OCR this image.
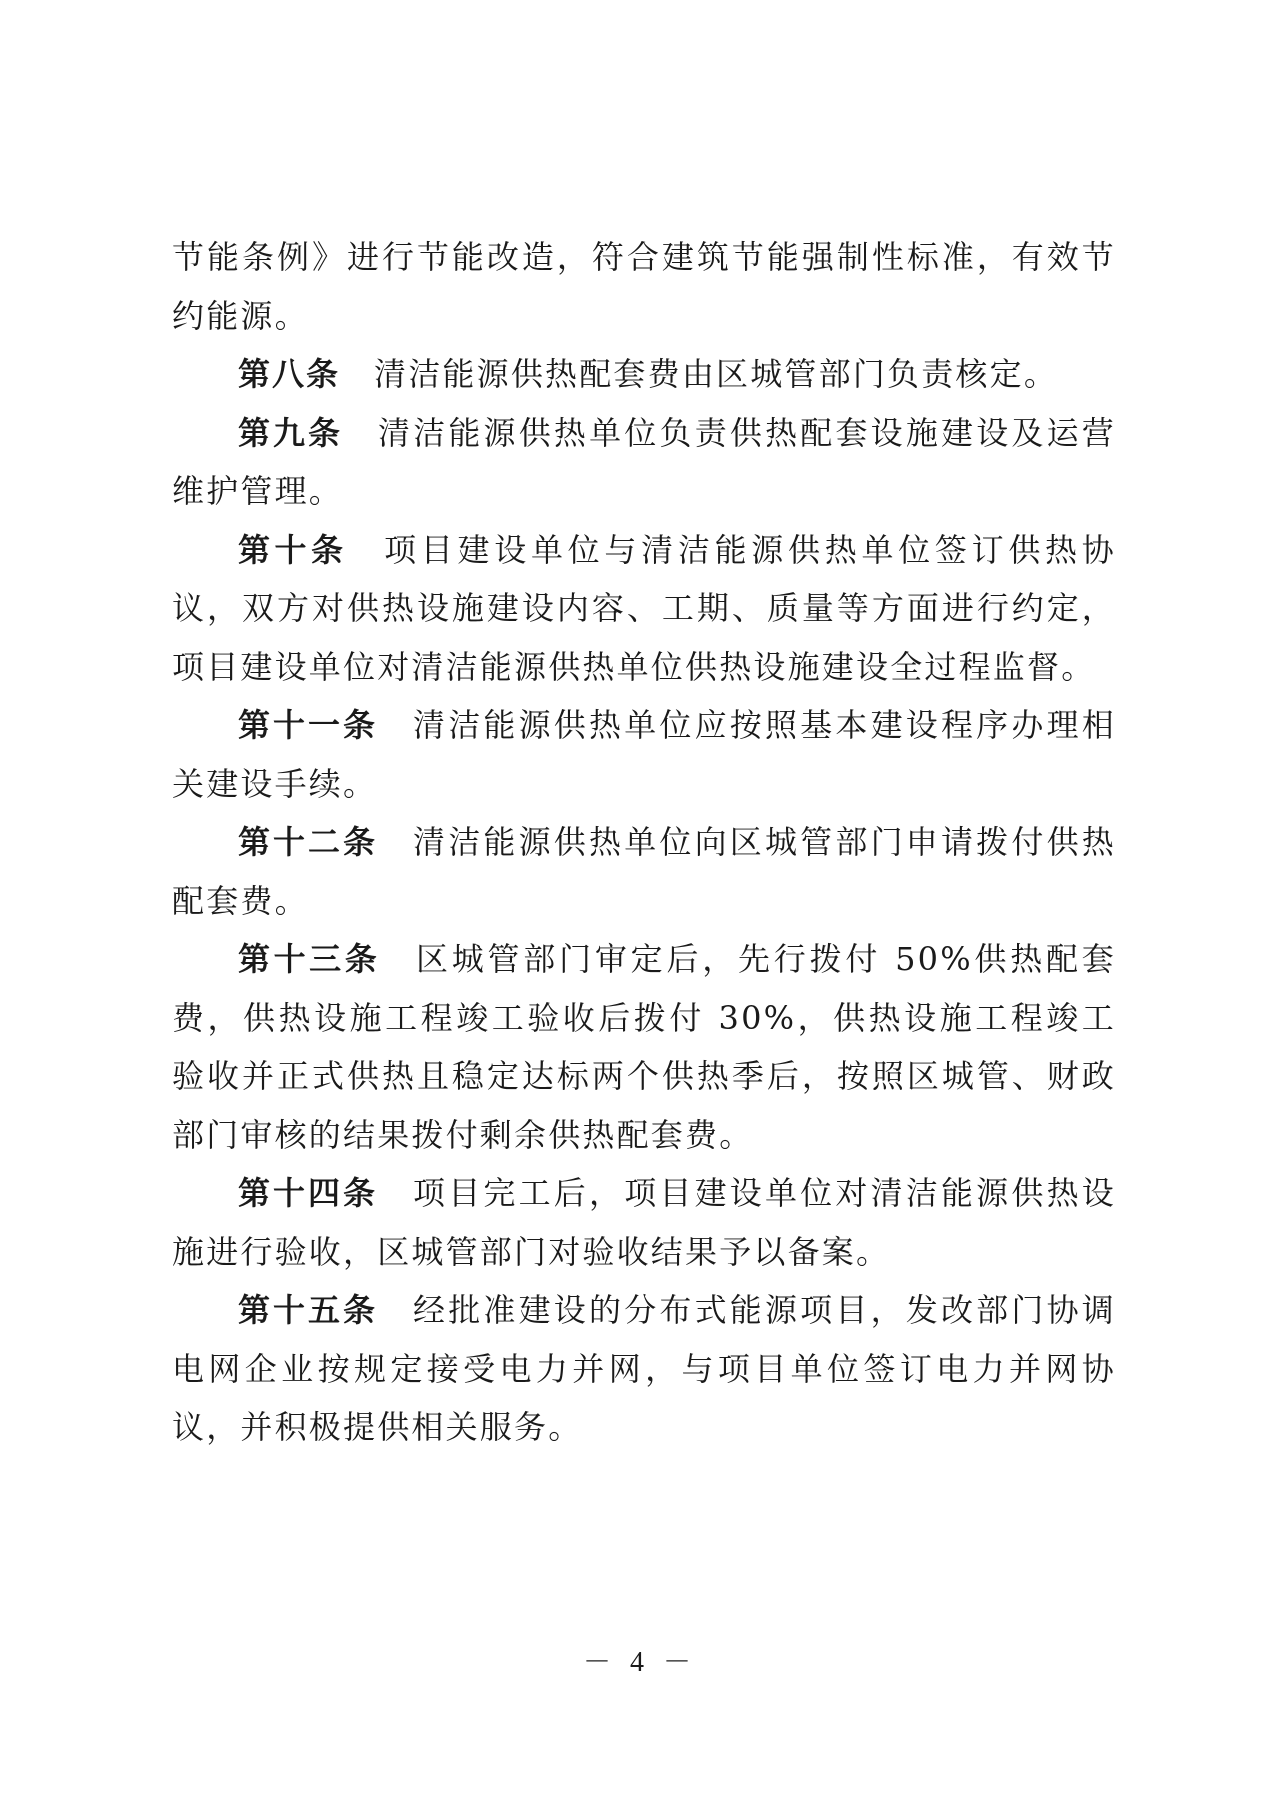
节能条例》进行节能改造，符合建筑节能强制性标准，有效节约能源。

第八条 清洁能源供热配套费由区城管部门负责核定。

第九条 清洁能源供热单位负责供热配套设施建设及运营维护管理。

第十条 项目建设单位与清洁能源供热单位签订供热协议，双方对供热设施建设内容、工期、质量等方面进行约定，项目建设单位对清洁能源供热单位供热设施建设全过程监督。

第十一条 清洁能源供热单位应按照基本建设程序办理相关建设手续。

第十二条 清洁能源供热单位向区城管部门申请拨付供热配套费。

第十三条 区城管部门审定后，先行拨付 50%供热配套费，供热设施工程竣工验收后拨付 30%，供热设施工程竣工验收并正式供热且稳定达标两个供热季后，按照区城管、财政部门审核的结果拨付剩余供热配套费。

第十四条 项目完工后，项目建设单位对清洁能源供热设施进行验收，区城管部门对验收结果予以备案。

第十五条 经批准建设的分布式能源项目，发改部门协调电网企业按规定接受电力并网，与项目单位签订电力并网协议，并积极提供相关服务。

－ 4 －
